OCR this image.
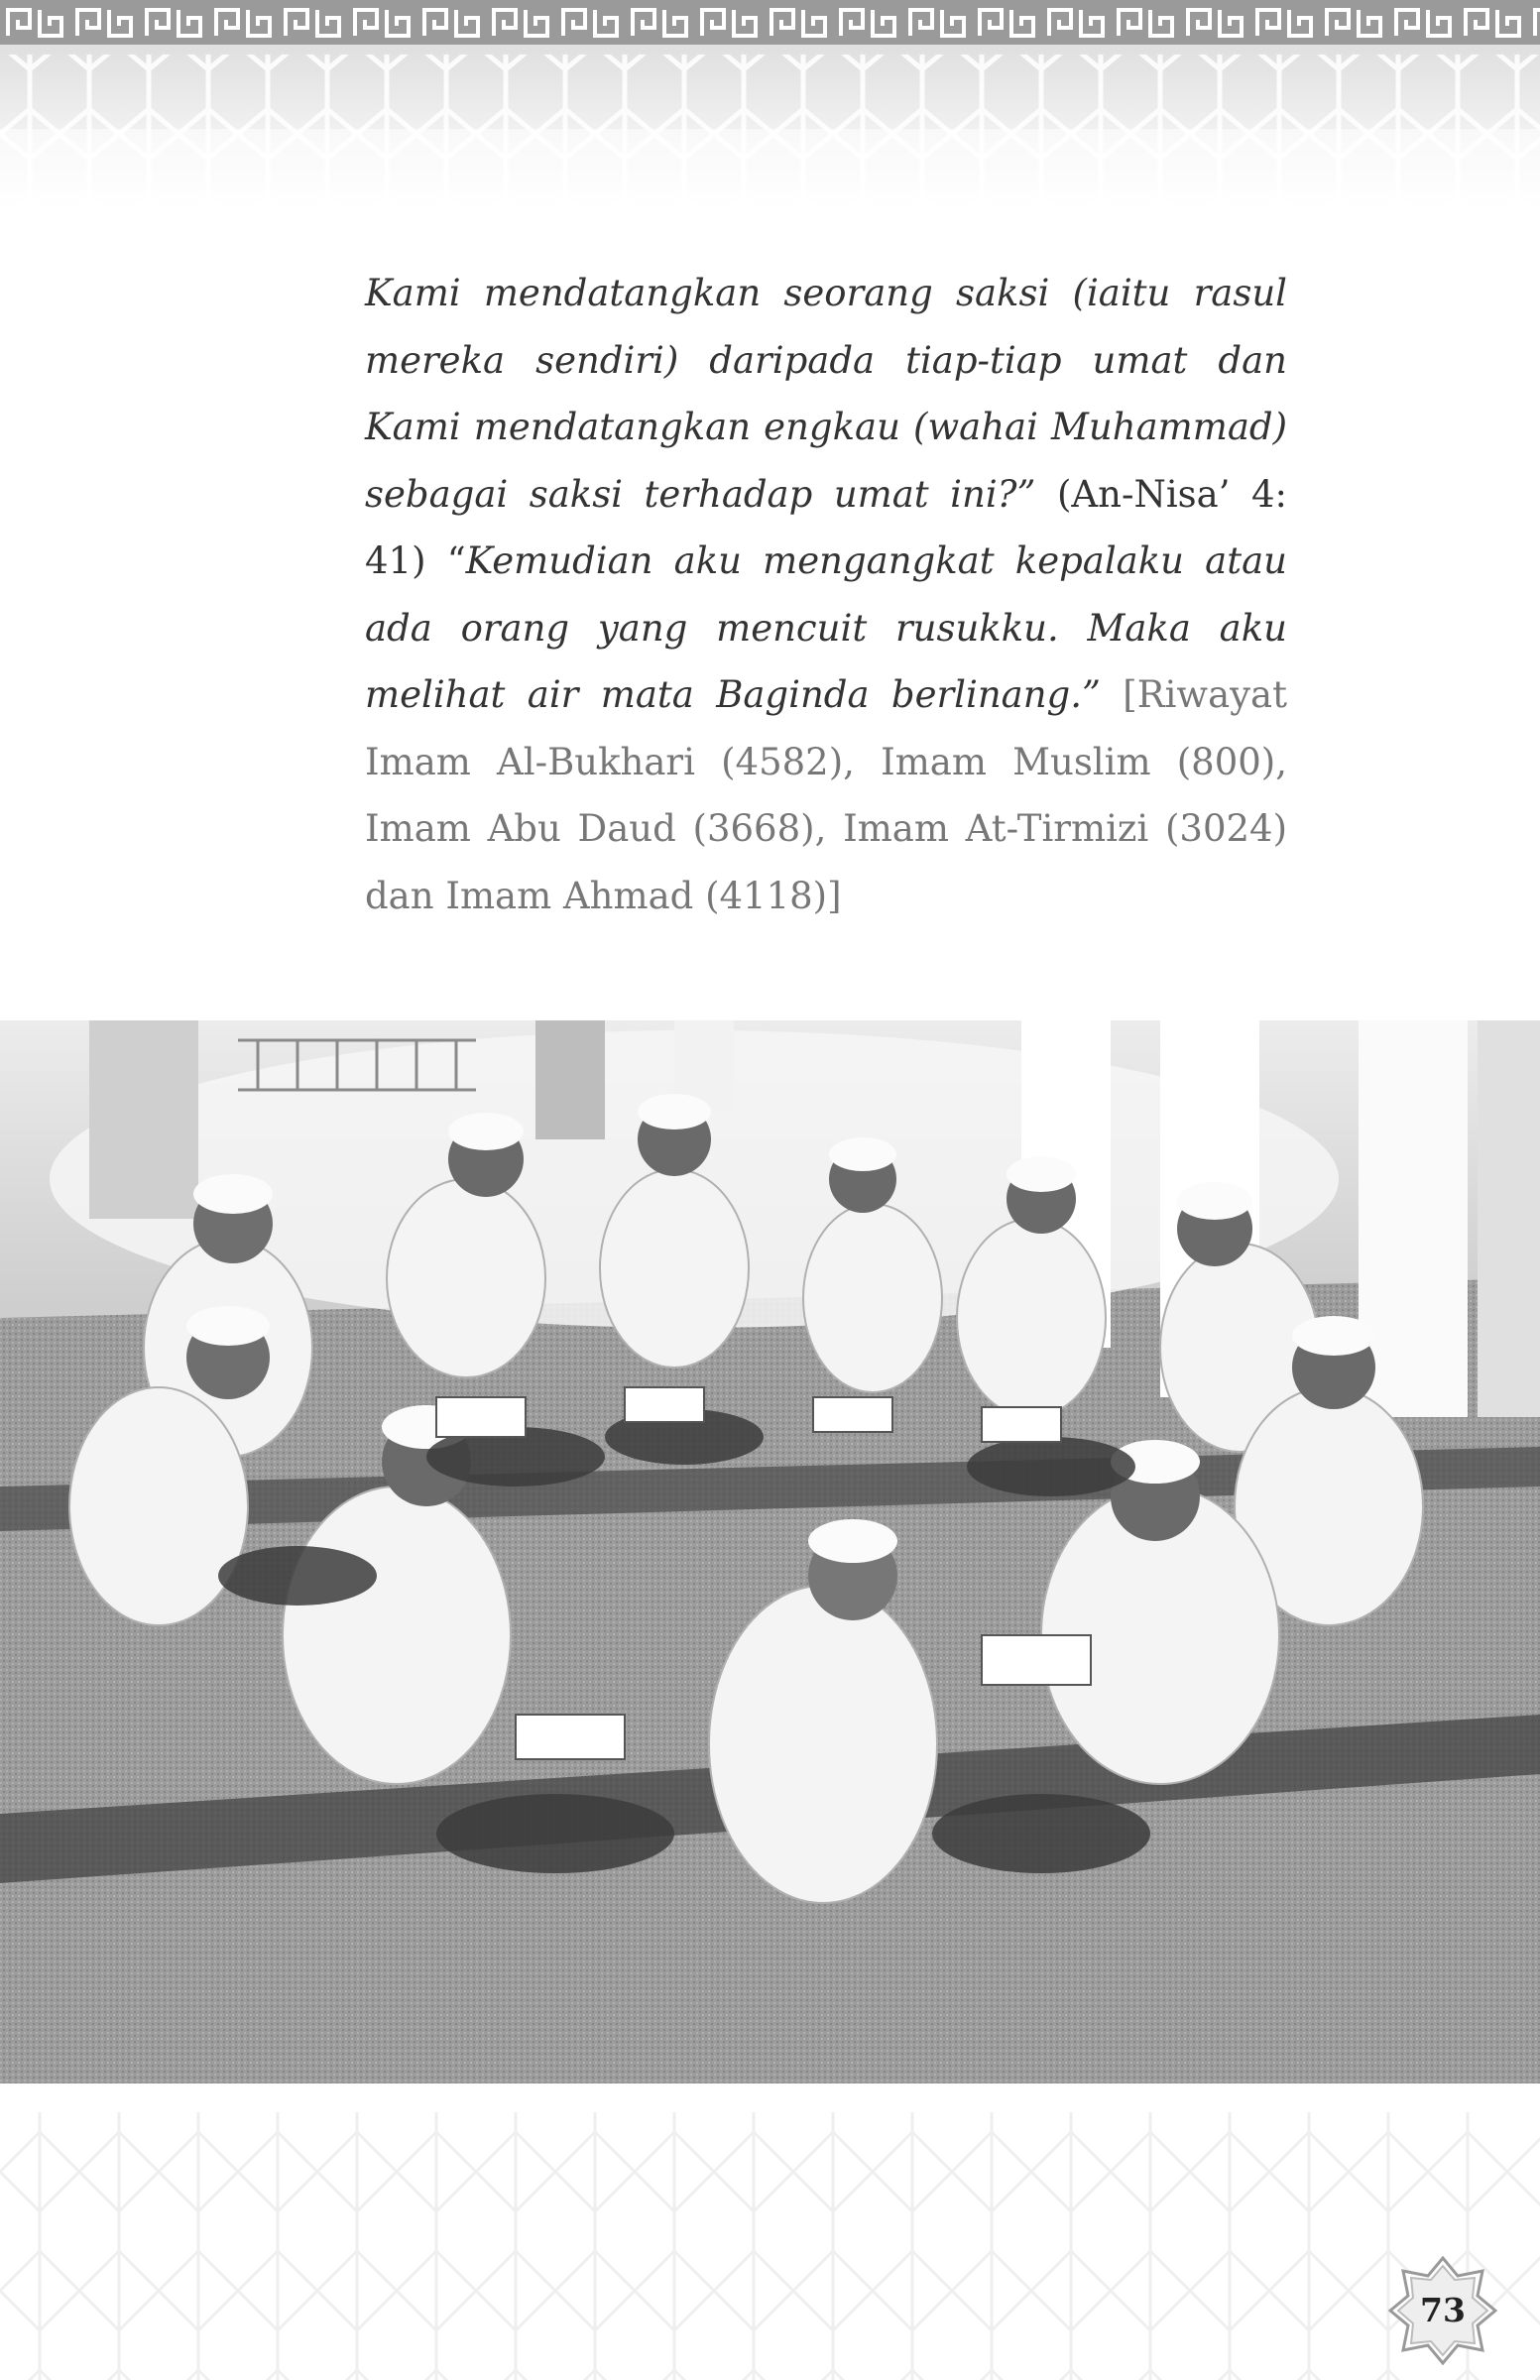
Kami mendatangkan seorang saksi (iaitu rasul mereka sendiri) daripada tiap-tiap umat dan Kami mendatangkan engkau (wahai Muhammad) sebagai saksi terhadap umat ini?” (An-Nisa’ 4: 41) “Kemudian aku mengangkat kepalaku atau ada orang yang mencuit rusukku. Maka aku melihat air mata Baginda berlinang.” [Riwayat Imam Al-Bukhari (4582), Imam Muslim (800), Imam Abu Daud (3668), Imam At-Tirmizi (3024) dan Imam Ahmad (4118)]
73
